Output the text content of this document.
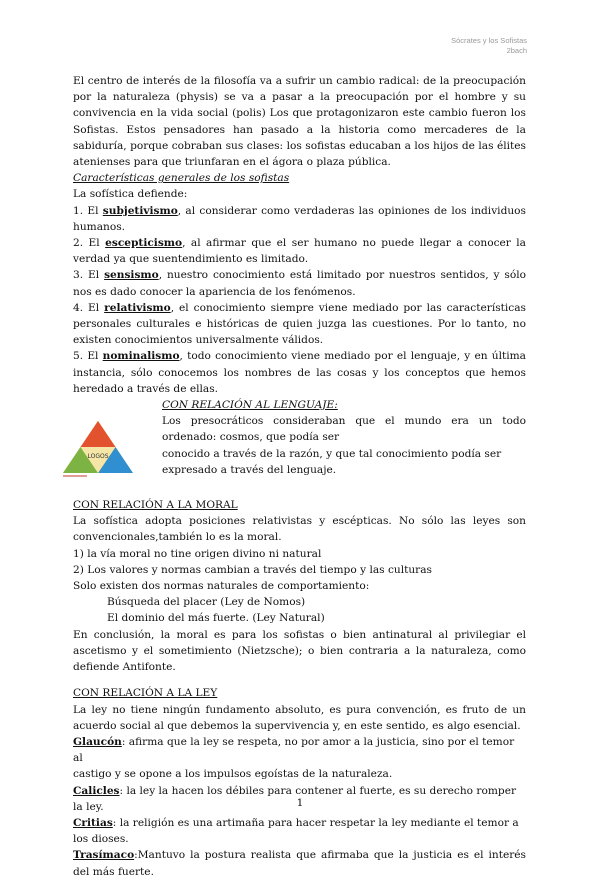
Sócrates y los Sofistas
2bach

El centro de interés de la filosofía va a sufrir un cambio radical: de la preocupación por la naturaleza (physis) se va a pasar a la preocupación por el hombre y su convivencia en la vida social (polis) Los que protagonizaron este cambio fueron los Sofistas. Estos pensadores han pasado a la historia como mercaderes de la sabiduría, porque cobraban sus clases: los sofistas educaban a los hijos de las élites atenienses para que triunfaran en el ágora o plaza pública.

Características generales de los sofistas

La sofística defiende:

1. El subjetivismo, al considerar como verdaderas las opiniones de los individuos humanos.

2. El escepticismo, al afirmar que el ser humano no puede llegar a conocer la verdad ya que suentendimiento es limitado.

3. El sensismo, nuestro conocimiento está limitado por nuestros sentidos, y sólo nos es dado conocer la apariencia de los fenómenos.

4. El relativismo, el conocimiento siempre viene mediado por las características personales culturales e históricas de quien juzga las cuestiones. Por lo tanto, no existen conocimientos universalmente válidos.

5. El nominalismo, todo conocimiento viene mediado por el lenguaje, y en última instancia, sólo conocemos los nombres de las cosas y los conceptos que hemos heredado a través de ellas.

LOGOS

CON RELACIÓN AL LENGUAJE:

Los presocráticos consideraban que el mundo era un todo ordenado: cosmos, que podía ser

conocido a través de la razón, y que tal conocimiento podía ser expresado a través del lenguaje.

CON RELACIÓN A LA MORAL

La sofística adopta posiciones relativistas y escépticas. No sólo las leyes son convencionales,también lo es la moral.

1) la vía moral no tine origen divino ni natural

2) Los valores y normas cambian a través del tiempo y las culturas

Solo existen dos normas naturales de comportamiento:

Búsqueda del placer (Ley de Nomos)

El dominio del más fuerte. (Ley Natural)

En conclusión, la moral es para los sofistas o bien antinatural al privilegiar el ascetismo y el sometimiento (Nietzsche); o bien contraria a la naturaleza, como defiende Antifonte.

CON RELACIÓN A LA LEY

La ley no tiene ningún fundamento absoluto, es pura convención, es fruto de un acuerdo social al que debemos la supervivencia y, en este sentido, es algo esencial.

Glaucón: afirma que la ley se respeta, no por amor a la justicia, sino por el temor al

castigo y se opone a los impulsos egoístas de la naturaleza.

Calicles: la ley la hacen los débiles para contener al fuerte, es su derecho romper la ley.

Critias: la religión es una artimaña para hacer respetar la ley mediante el temor a los dioses.

Trasímaco:Mantuvo la postura realista que afirmaba que la justicia es el interés del más fuerte.

1
